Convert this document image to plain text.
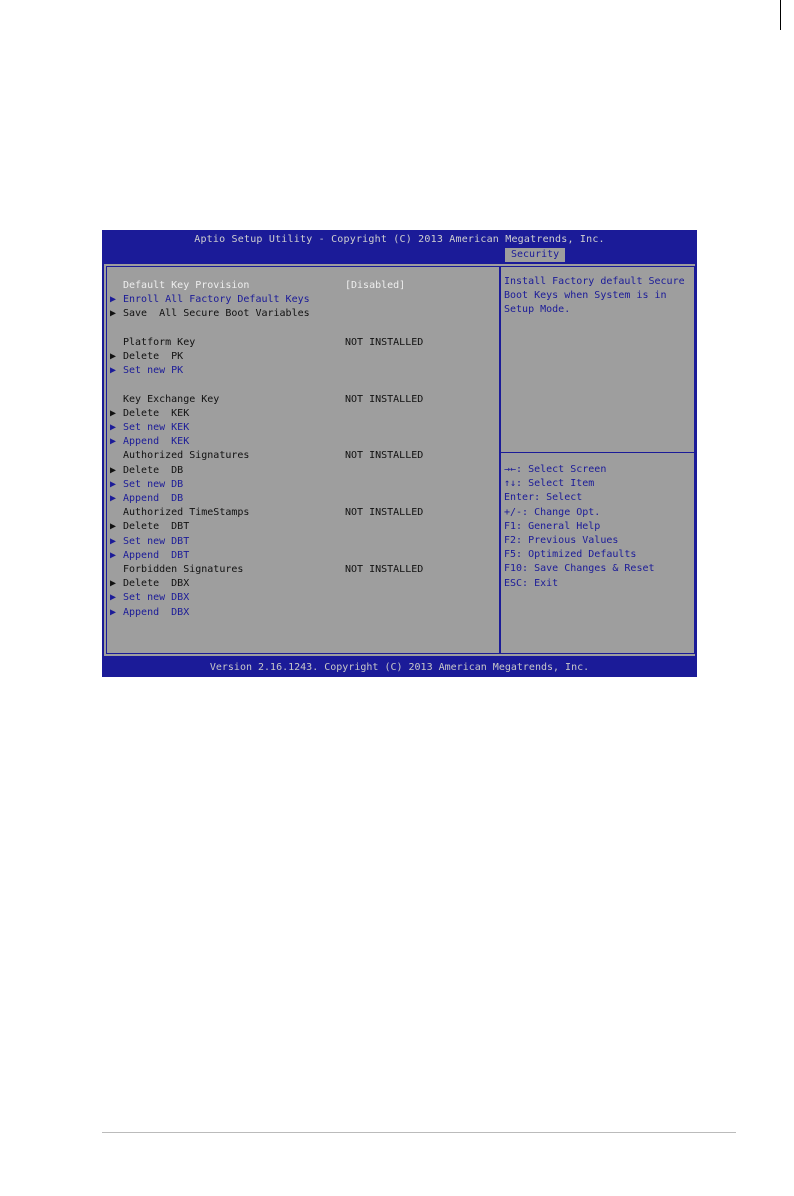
Aptio Setup Utility - Copyright (C) 2013 American Megatrends, Inc.
Security
Default Key Provision	[Disabled]
▶ Enroll All Factory Default Keys
▶ Save  All Secure Boot Variables
Platform Key	NOT INSTALLED
▶ Delete  PK
▶ Set new PK
Key Exchange Key	NOT INSTALLED
▶ Delete  KEK
▶ Set new KEK
▶ Append  KEK
Authorized Signatures	NOT INSTALLED
▶ Delete  DB
▶ Set new DB
▶ Append  DB
Authorized TimeStamps	NOT INSTALLED
▶ Delete  DBT
▶ Set new DBT
▶ Append  DBT
Forbidden Signatures	NOT INSTALLED
▶ Delete  DBX
▶ Set new DBX
▶ Append  DBX
Install Factory default Secure Boot Keys when System is in Setup Mode.
→←: Select Screen
↑↓: Select Item
Enter: Select
+/-: Change Opt.
F1: General Help
F2: Previous Values
F5: Optimized Defaults
F10: Save Changes & Reset
ESC: Exit
Version 2.16.1243. Copyright (C) 2013 American Megatrends, Inc.
